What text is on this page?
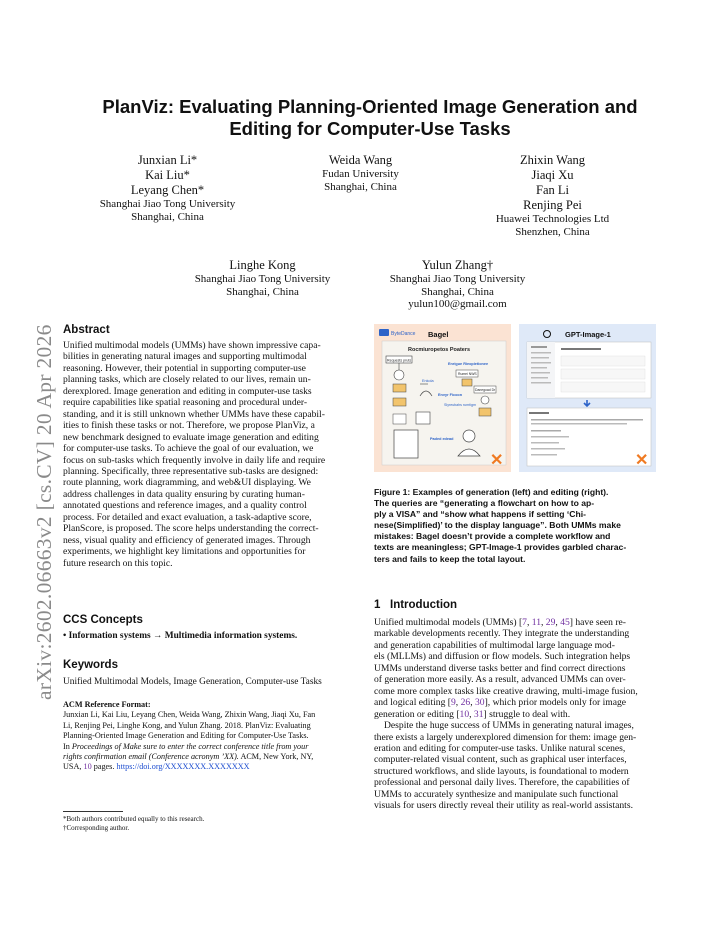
arXiv:2602.06663v2 [cs.CV] 20 Apr 2026
PlanViz: Evaluating Planning-Oriented Image Generation and
Editing for Computer-Use Tasks
Junxian Li*
Kai Liu*
Leyang Chen*
Shanghai Jiao Tong University
Shanghai, China
Weida Wang
Fudan University
Shanghai, China
Zhixin Wang
Jiaqi Xu
Fan Li
Renjing Pei
Huawei Technologies Ltd
Shenzhen, China
Linghe Kong
Shanghai Jiao Tong University
Shanghai, China
Yulun Zhang†
Shanghai Jiao Tong University
Shanghai, China
yulun100@gmail.com
Abstract
Unified multimodal models (UMMs) have shown impressive capa-
bilities in generating natural images and supporting multimodal
reasoning. However, their potential in supporting computer-use
planning tasks, which are closely related to our lives, remain un-
derexplored. Image generation and editing in computer-use tasks
require capabilities like spatial reasoning and procedural under-
standing, and it is still unknown whether UMMs have these capabil-
ities to finish these tasks or not. Therefore, we propose PlanViz, a
new benchmark designed to evaluate image generation and editing
for computer-use tasks. To achieve the goal of our evaluation, we
focus on sub-tasks which frequently involve in daily life and require
planning. Specifically, three representative sub-tasks are designed:
route planning, work diagramming, and web&UI displaying. We
address challenges in data quality ensuring by curating human-
annotated questions and reference images, and a quality control
process. For detailed and exact evaluation, a task-adaptive score,
PlanScore, is proposed. The score helps understanding the correct-
ness, visual quality and efficiency of generated images. Through
experiments, we highlight key limitations and opportunities for
future research on this topic.
CCS Concepts
• Information systems → Multimedia information systems.
Keywords
Unified Multimodal Models, Image Generation, Computer-use Tasks
ACM Reference Format:
Junxian Li, Kai Liu, Leyang Chen, Weida Wang, Zhixin Wang, Jiaqi Xu, Fan
Li, Renjing Pei, Linghe Kong, and Yulun Zhang. 2018. PlanViz: Evaluating
Planning-Oriented Image Generation and Editing for Computer-Use Tasks.
In Proceedings of Make sure to enter the correct conference title from your
rights confirmation email (Conference acronym ’XX). ACM, New York, NY,
USA, 10 pages. https://doi.org/XXXXXXX.XXXXXXX
*Both authors contributed equally to this research.
†Corresponding author.
ByteDance Bagel
Rocmiuropetos Poaters
Requests pruts
Enkola
Enrigue Rieopietionee
Rumei NWS
Envyr Ficoon
Slyreubahs rumtigm
Danegoad Dr
Paded edead
✕
GPT-Image-1
✕
Figure 1: Examples of generation (left) and editing (right).
The queries are “generating a flowchart on how to ap-
ply a VISA” and “show what happens if setting ‘Chi-
nese(Simplified)’ to the display language”. Both UMMs make
mistakes: Bagel doesn’t provide a complete workflow and
texts are meaningless; GPT-Image-1 provides garbled charac-
ters and fails to keep the total layout.
1 Introduction
Unified multimodal models (UMMs) [7, 11, 29, 45] have seen re-
markable developments recently. They integrate the understanding
and generation capabilities of multimodal large language mod-
els (MLLMs) and diffusion or flow models. Such integration helps
UMMs understand diverse tasks better and find correct directions
of generation more easily. As a result, advanced UMMs can over-
come more complex tasks like creative drawing, multi-image fusion,
and logical editing [9, 26, 30], which prior models only for image
generation or editing [10, 31] struggle to deal with.
Despite the huge success of UMMs in generating natural images,
there exists a largely underexplored dimension for them: image gen-
eration and editing for computer-use tasks. Unlike natural scenes,
computer-related visual content, such as graphical user interfaces,
structured workflows, and slide layouts, is foundational to modern
professional and personal daily lives. Therefore, the capabilities of
UMMs to accurately synthesize and manipulate such functional
visuals for users directly reveal their utility as real-world assistants.
